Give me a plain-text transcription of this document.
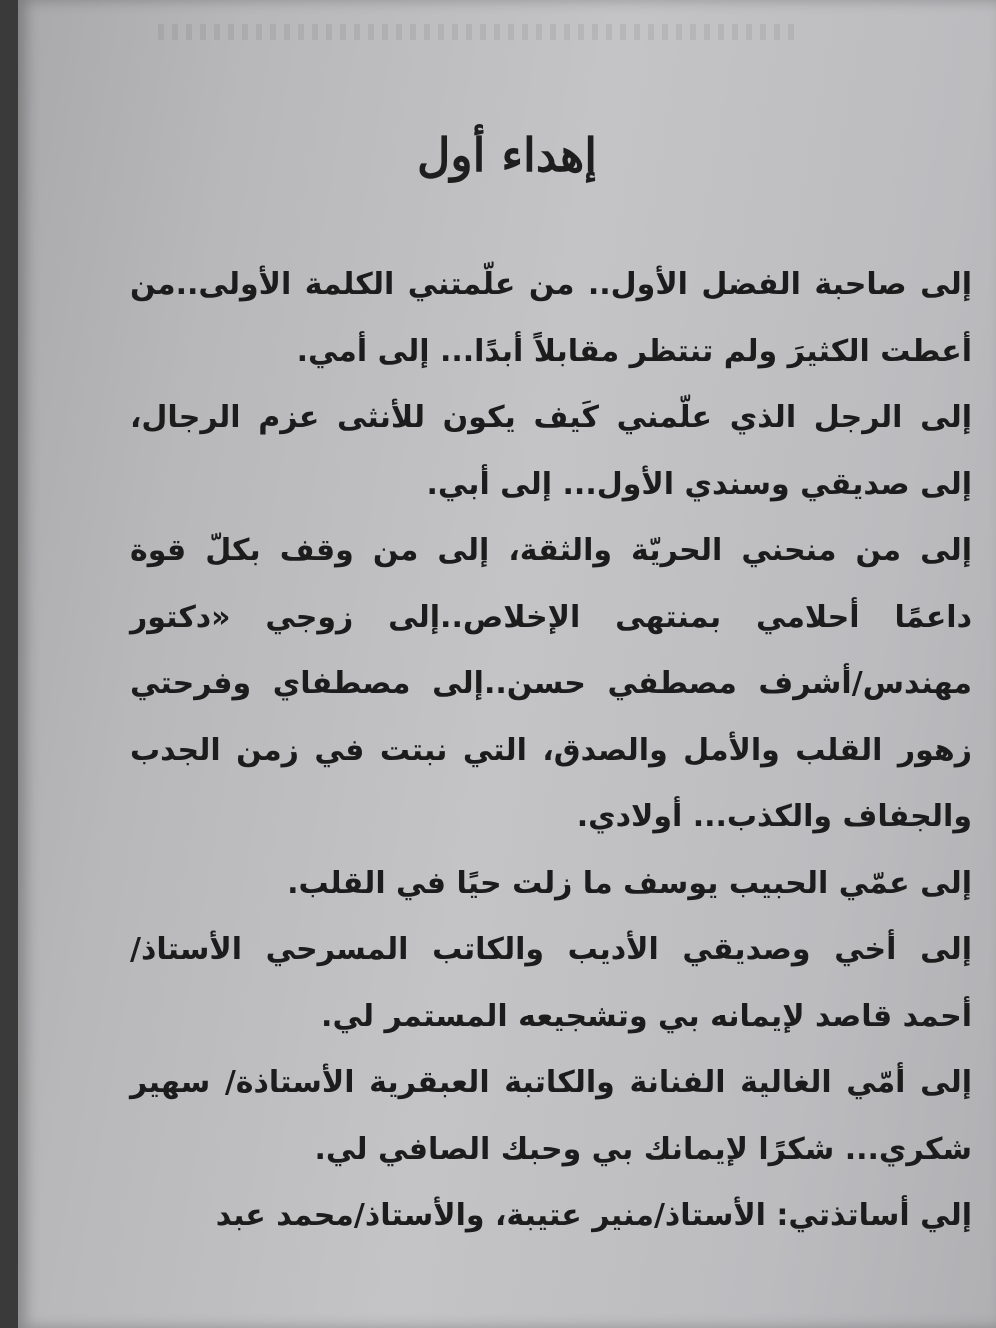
إهداء أول

إلى صاحبة الفضل الأول.. من علّمتني الكلمة الأولى..من أعطت الكثيرَ ولم تنتظر مقابلاً أبدًا... إلى أمي.

إلى الرجل الذي علّمني كَيف يكون للأنثى عزم الرجال، إلى صديقي وسندي الأول... إلى أبي.

إلى من منحني الحريّة والثقة، إلى من وقف بكلّ قوة داعمًا أحلامي بمنتهى الإخلاص..إلى زوجي «دكتور مهندس/أشرف مصطفي حسن..إلى مصطفاي وفرحتي زهور القلب والأمل والصدق، التي نبتت في زمن الجدب والجفاف والكذب... أولادي.

إلى عمّي الحبيب يوسف ما زلت حيًا في القلب.

إلى أخي وصديقي الأديب والكاتب المسرحي الأستاذ/ أحمد قاصد لإيمانه بي وتشجيعه المستمر لي.

إلى أمّي الغالية الفنانة والكاتبة العبقرية الأستاذة/ سهير شكري... شكرًا لإيمانك بي وحبك الصافي لي.

إلي أساتذتي: الأستاذ/منير عتيبة، والأستاذ/محمد عبد
